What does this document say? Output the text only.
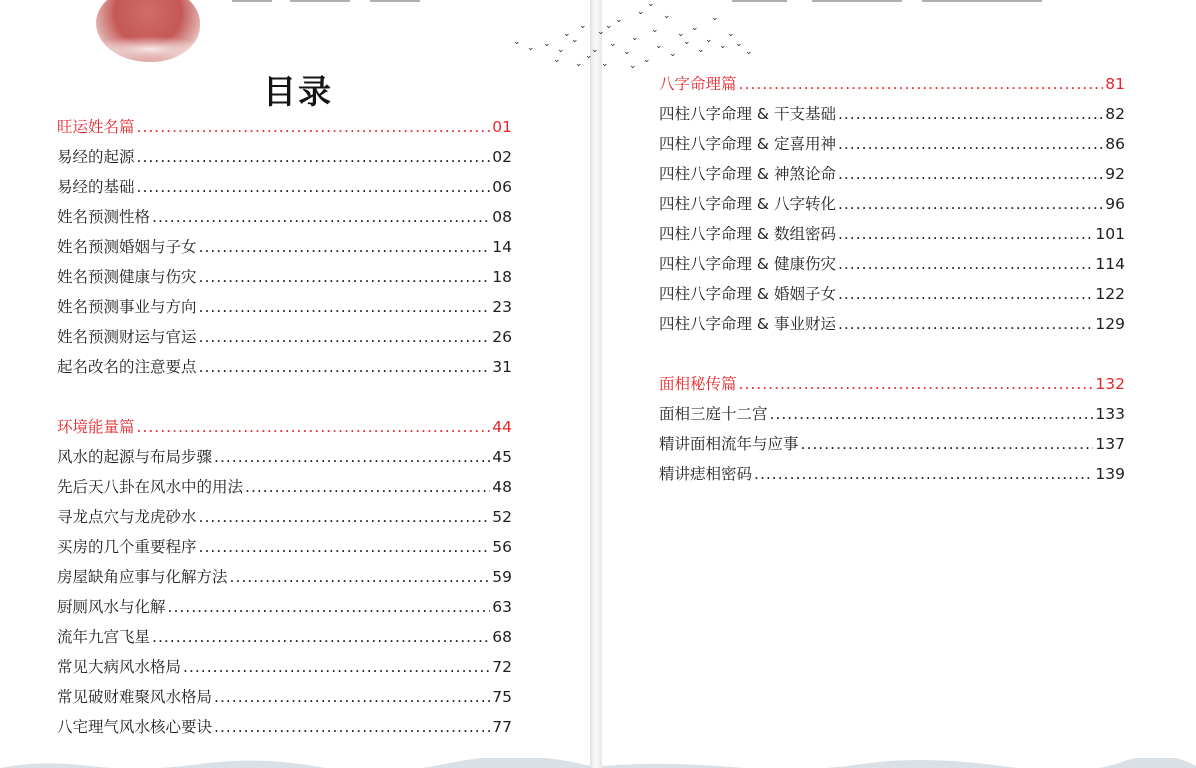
目录
旺运姓名篇 .....	01
易经的起源 .....	02
易经的基础 .....	06
姓名预测性格 .....	08
姓名预测婚姻与子女 .....	14
姓名预测健康与伤灾 .....	18
姓名预测事业与方向 .....	23
姓名预测财运与官运 .....	26
起名改名的注意要点 .....	31
环境能量篇 .....	44
风水的起源与布局步骤 .....	45
先后天八卦在风水中的用法 .....	48
寻龙点穴与龙虎砂水 .....	52
买房的几个重要程序 .....	56
房屋缺角应事与化解方法 .....	59
厨厕风水与化解 .....	63
流年九宫飞星 .....	68
常见大病风水格局 .....	72
常见破财难聚风水格局 .....	75
八宅理气风水核心要诀 .....	77
八字命理篇 .....	81
四柱八字命理 & 干支基础 .....	82
四柱八字命理 & 定喜用神 .....	86
四柱八字命理 & 神煞论命 .....	92
四柱八字命理 & 八字转化 .....	96
四柱八字命理 & 数组密码 .....	101
四柱八字命理 & 健康伤灾 .....	114
四柱八字命理 & 婚姻子女 .....	122
四柱八字命理 & 事业财运 .....	129
面相秘传篇 .....	132
面相三庭十二宫 .....	133
精讲面相流年与应事 .....	137
精讲痣相密码 .....	139
⌄
⌄ ⌄
⌄
⌄
⌄
⌄
⌄
⌄
⌄
⌄
⌄
⌄
⌄
⌄
⌄
⌄
⌄
⌄
⌄
⌄
⌄
⌄
⌄
⌄
⌄
⌄
⌄
⌄
⌄
⌄
⌄
⌄
⌄
⌄
⌄
